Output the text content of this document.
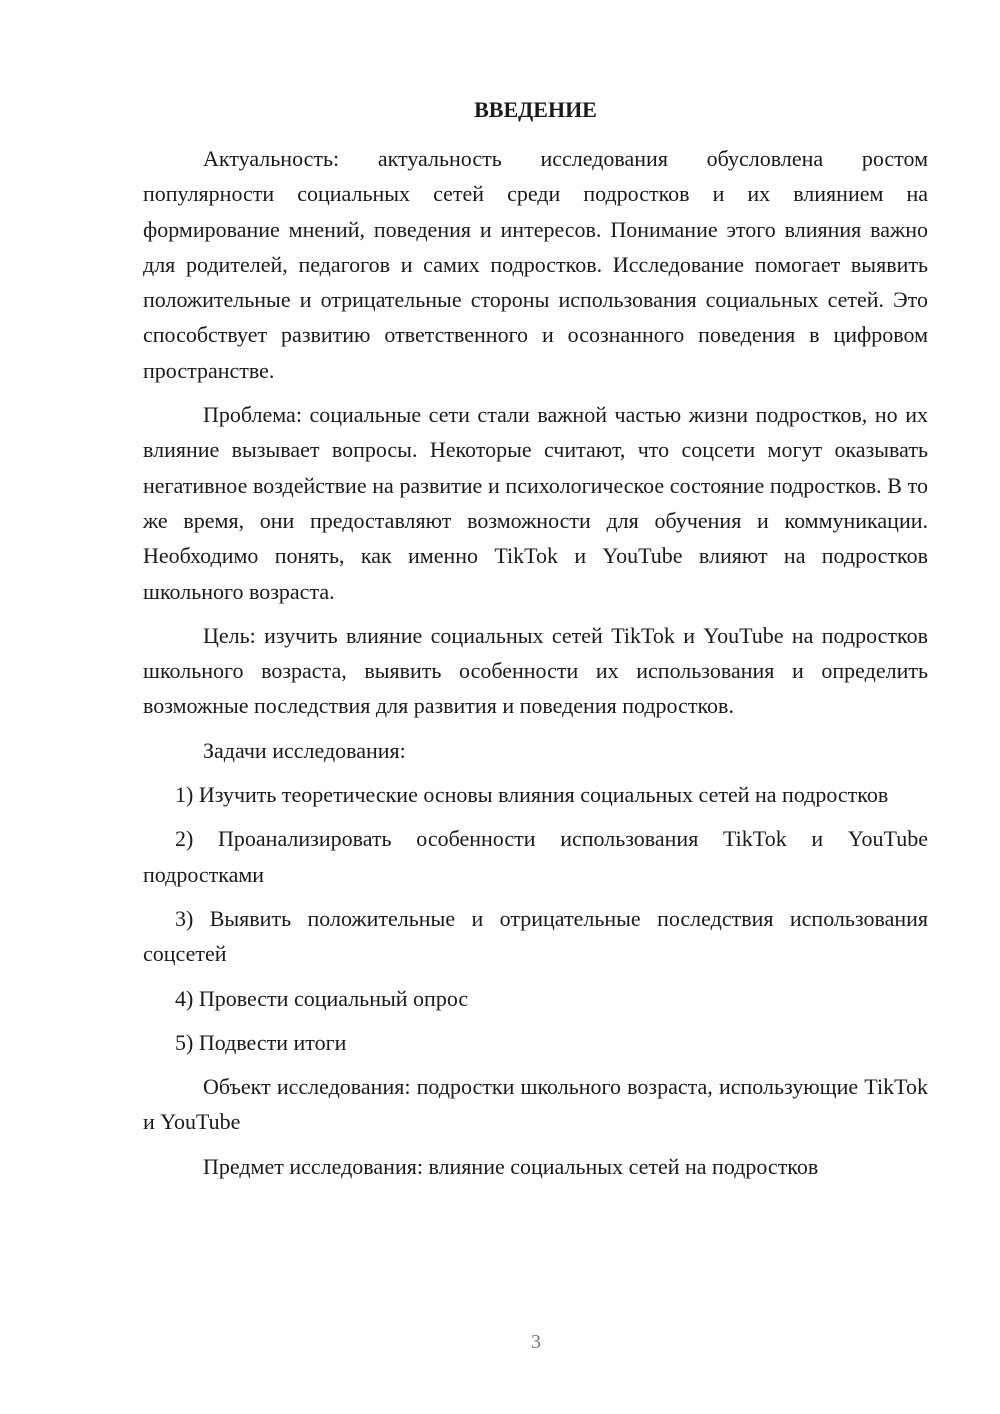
ВВЕДЕНИЕ

Актуальность: актуальность исследования обусловлена ростом популярности социальных сетей среди подростков и их влиянием на формирование мнений, поведения и интересов. Понимание этого влияния важно для родителей, педагогов и самих подростков. Исследование помогает выявить положительные и отрицательные стороны использования социальных сетей. Это способствует развитию ответственного и осознанного поведения в цифровом пространстве.

Проблема: социальные сети стали важной частью жизни подростков, но их влияние вызывает вопросы. Некоторые считают, что соцсети могут оказывать негативное воздействие на развитие и психологическое состояние подростков. В то же время, они предоставляют возможности для обучения и коммуникации. Необходимо понять, как именно TikTok и YouTube влияют на подростков школьного возраста.

Цель: изучить влияние социальных сетей TikTok и YouTube на подростков школьного возраста, выявить особенности их использования и определить возможные последствия для развития и поведения подростков.

Задачи исследования:

1) Изучить теоретические основы влияния социальных сетей на подростков

2) Проанализировать особенности использования TikTok и YouTube подростками

3) Выявить положительные и отрицательные последствия использования соцсетей

4) Провести социальный опрос

5) Подвести итоги

Объект исследования: подростки школьного возраста, использующие TikTok и YouTube

Предмет исследования: влияние социальных сетей на подростков

3
